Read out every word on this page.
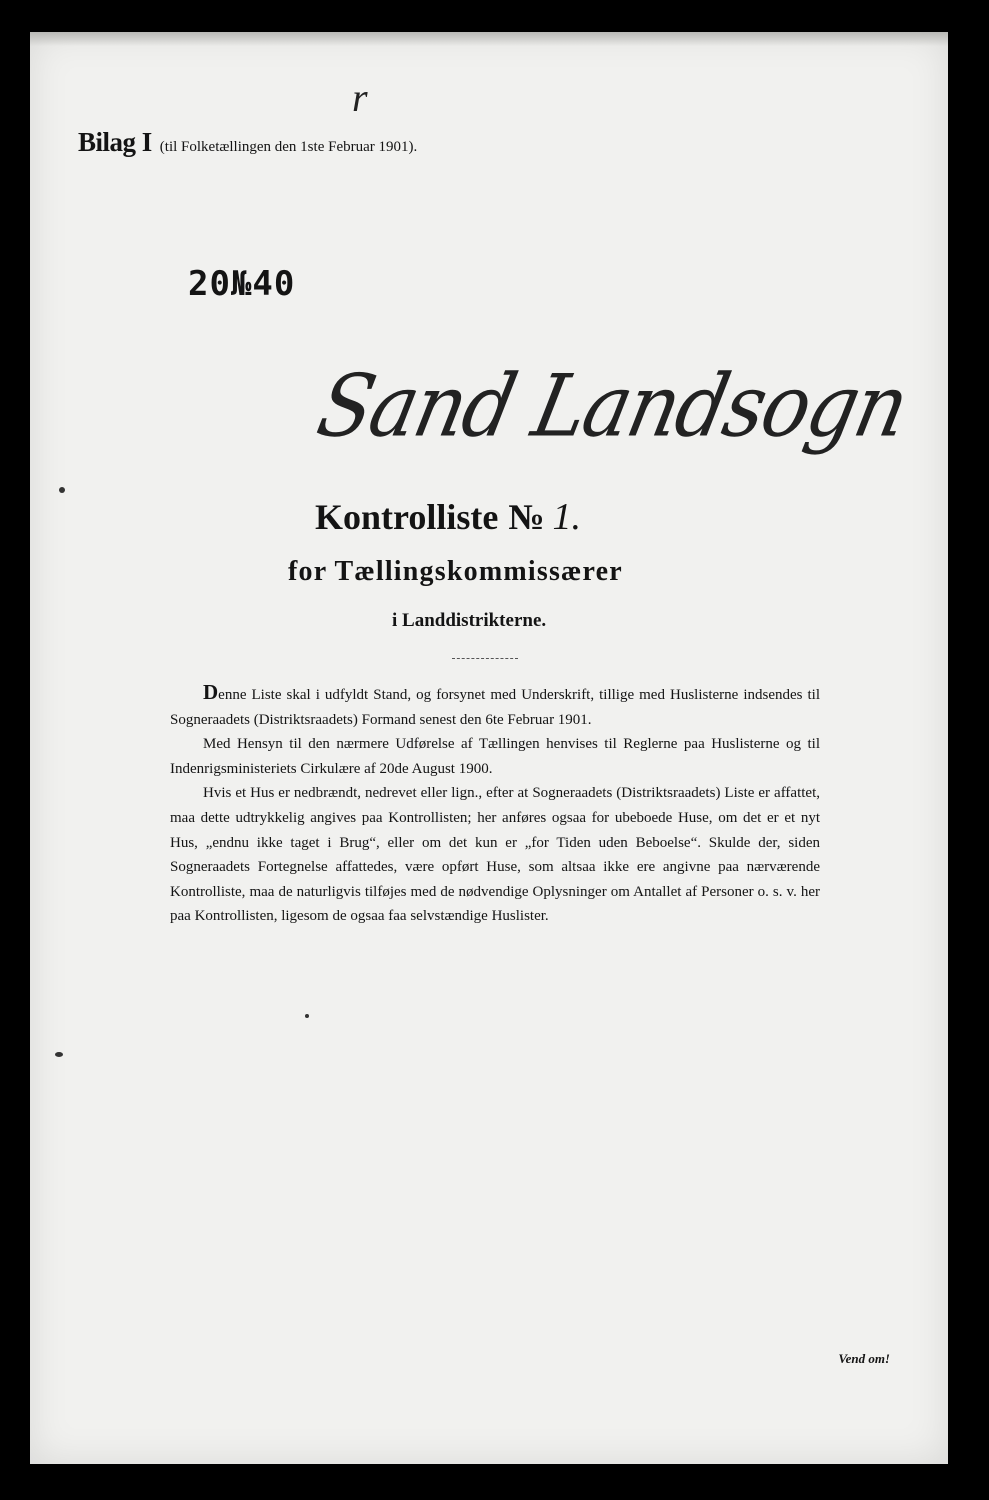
r
Bilag I (til Folketællingen den 1ste Februar 1901).
20№40
Sand Landsogn
Kontrolliste № 1.
for Tællingskommissærer
i Landdistrikterne.

Denne Liste skal i udfyldt Stand, og forsynet med Underskrift, tillige med Huslisterne indsendes til Sogneraadets (Distriktsraadets) Formand senest den 6te Februar 1901.

Med Hensyn til den nærmere Udførelse af Tællingen henvises til Reglerne paa Huslisterne og til Indenrigsministeriets Cirkulære af 20de August 1900.

Hvis et Hus er nedbrændt, nedrevet eller lign., efter at Sogneraadets (Distriktsraadets) Liste er affattet, maa dette udtrykkelig angives paa Kontrollisten; her anføres ogsaa for ubeboede Huse, om det er et nyt Hus, „endnu ikke taget i Brug“, eller om det kun er „for Tiden uden Beboelse“. Skulde der, siden Sogneraadets Fortegnelse affattedes, være opført Huse, som altsaa ikke ere angivne paa nærværende Kontrolliste, maa de naturligvis tilføjes med de nødvendige Oplysninger om Antallet af Personer o. s. v. her paa Kontrollisten, ligesom de ogsaa faa selvstændige Huslister.

Vend om!
